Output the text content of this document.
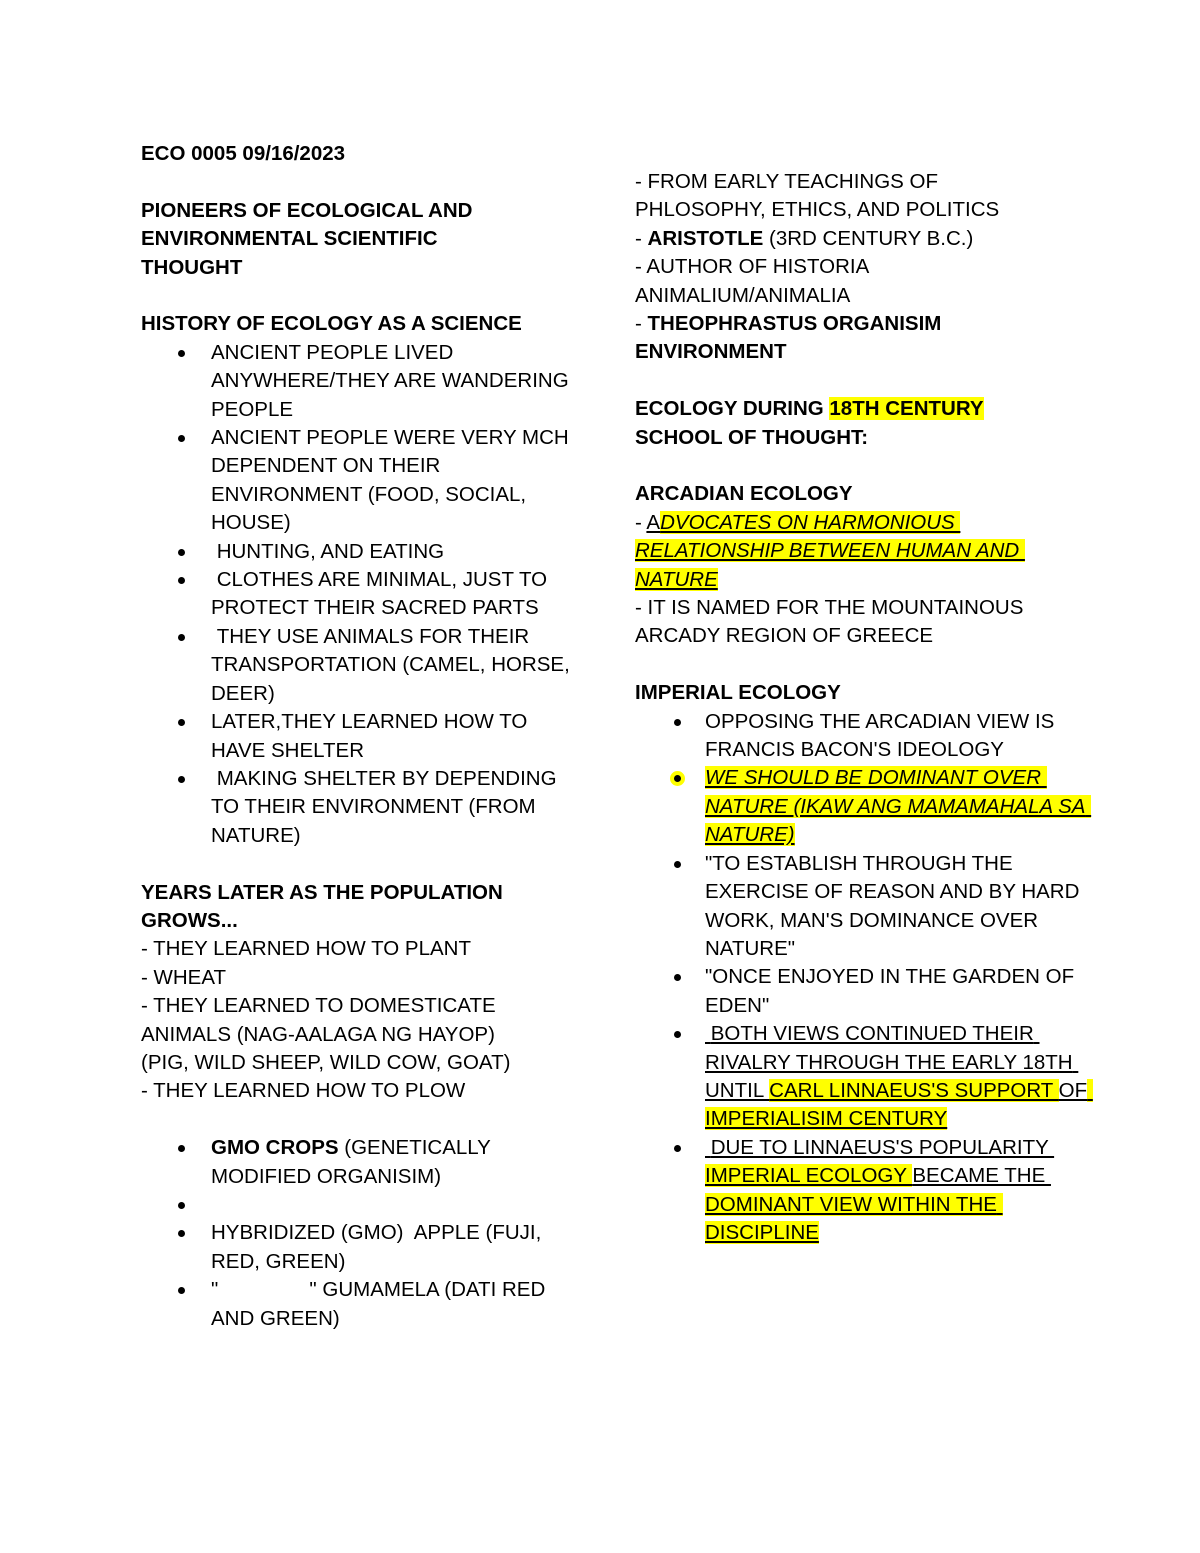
ECO 0005 09/16/2023

PIONEERS OF ECOLOGICAL AND

ENVIRONMENTAL SCIENTIFIC

THOUGHT

HISTORY OF ECOLOGY AS A SCIENCE

ANCIENT PEOPLE LIVED ANYWHERE/THEY ARE WANDERING PEOPLE
ANCIENT PEOPLE WERE VERY MCH DEPENDENT ON THEIR ENVIRONMENT (FOOD, SOCIAL, HOUSE)
HUNTING, AND EATING
CLOTHES ARE MINIMAL, JUST TO PROTECT THEIR SACRED PARTS
THEY USE ANIMALS FOR THEIR TRANSPORTATION (CAMEL, HORSE, DEER)
LATER,THEY LEARNED HOW TO HAVE SHELTER
MAKING SHELTER BY DEPENDING TO THEIR ENVIRONMENT (FROM NATURE)

YEARS LATER AS THE POPULATION

GROWS...

- THEY LEARNED HOW TO PLANT

- WHEAT

- THEY LEARNED TO DOMESTICATE

ANIMALS (NAG-AALAGA NG HAYOP)

(PIG, WILD SHEEP, WILD COW, GOAT)

- THEY LEARNED HOW TO PLOW

GMO CROPS (GENETICALLY MODIFIED ORGANISIM)

HYBRIDIZED (GMO)  APPLE (FUJI, RED, GREEN)
"                " GUMAMELA (DATI RED AND GREEN)

- FROM EARLY TEACHINGS OF

PHLOSOPHY, ETHICS, AND POLITICS

- ARISTOTLE (3RD CENTURY B.C.)

- AUTHOR OF HISTORIA

ANIMALIUM/ANIMALIA

- THEOPHRASTUS ORGANISIM

ENVIRONMENT

ECOLOGY DURING 18TH CENTURY

SCHOOL OF THOUGHT:

ARCADIAN ECOLOGY

- ADVOCATES ON HARMONIOUS

RELATIONSHIP BETWEEN HUMAN AND

NATURE

- IT IS NAMED FOR THE MOUNTAINOUS

ARCADY REGION OF GREECE

IMPERIAL ECOLOGY

OPPOSING THE ARCADIAN VIEW IS FRANCIS BACON'S IDEOLOGY
WE SHOULD BE DOMINANT OVER NATURE (IKAW ANG MAMAMAHALA SA NATURE)
"TO ESTABLISH THROUGH THE EXERCISE OF REASON AND BY HARD WORK, MAN'S DOMINANCE OVER NATURE"
"ONCE ENJOYED IN THE GARDEN OF EDEN"
BOTH VIEWS CONTINUED THEIR RIVALRY THROUGH THE EARLY 18TH UNTIL CARL LINNAEUS'S SUPPORT OF IMPERIALISIM CENTURY
DUE TO LINNAEUS'S POPULARITY IMPERIAL ECOLOGY BECAME THE DOMINANT VIEW WITHIN THE DISCIPLINE
